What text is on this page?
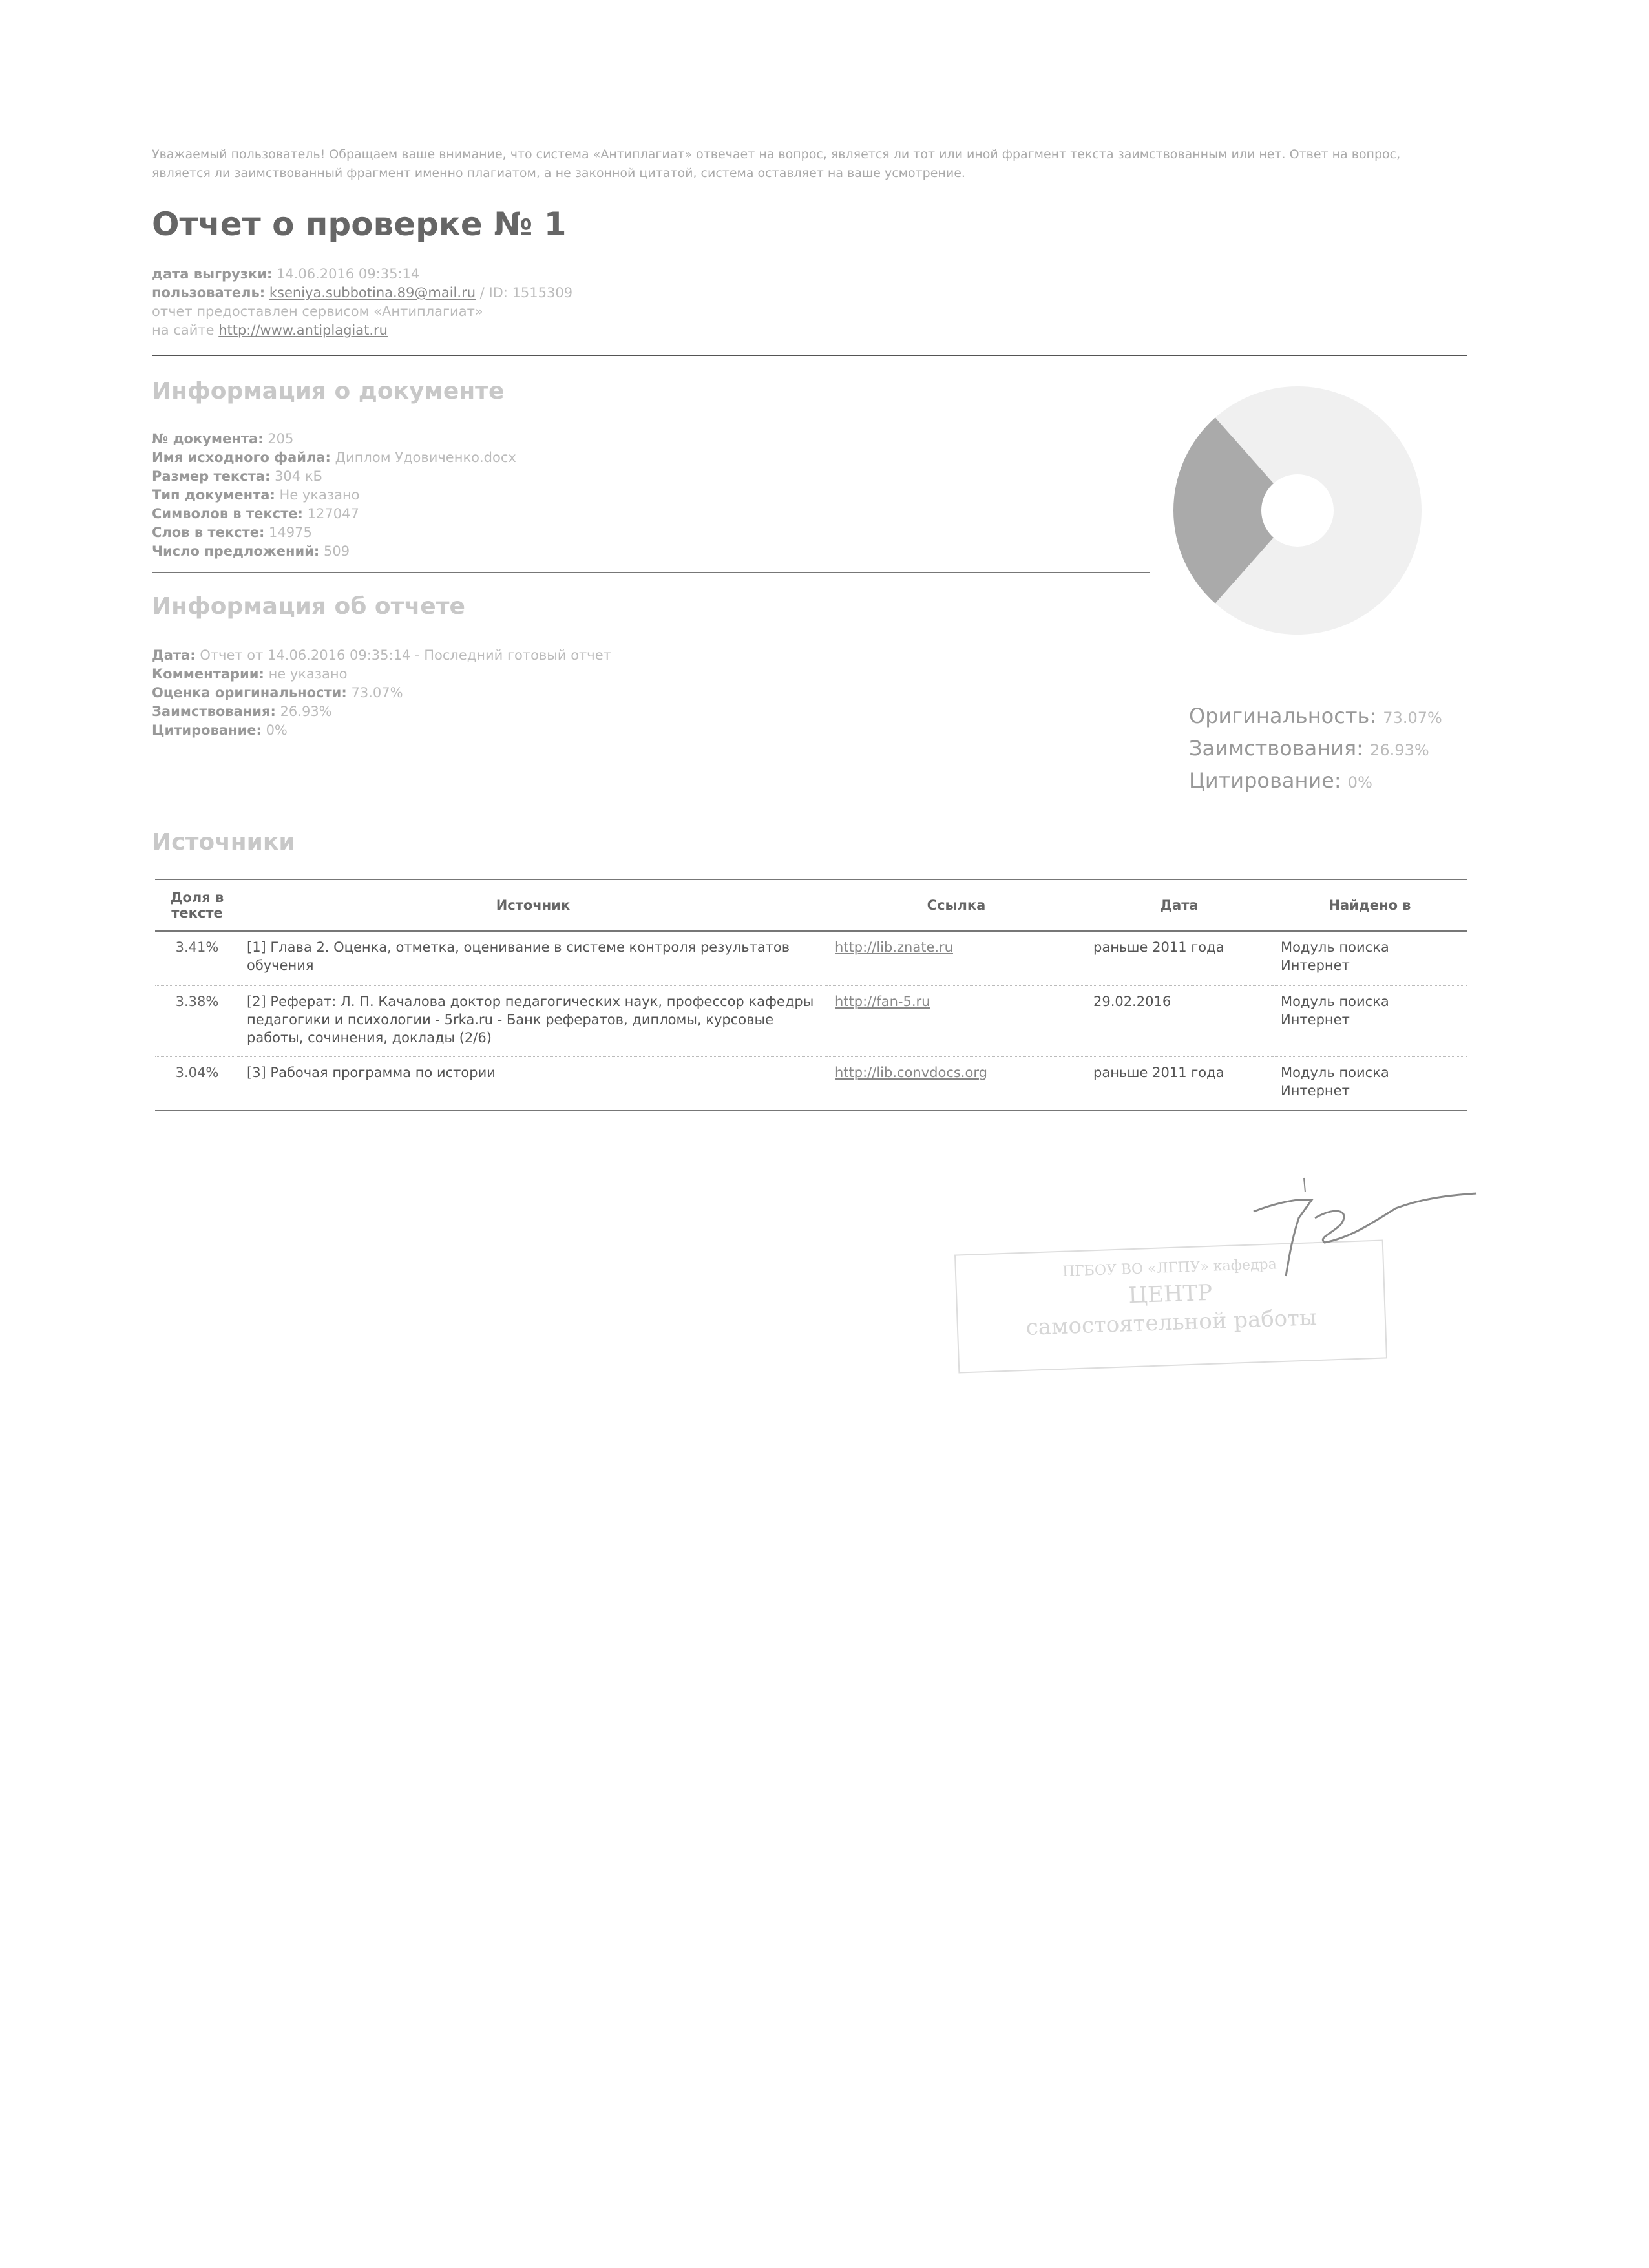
Уважаемый пользователь! Обращаем ваше внимание, что система «Антиплагиат» отвечает на вопрос, является ли тот или иной фрагмент текста заимствованным или нет. Ответ на вопрос, является ли заимствованный фрагмент именно плагиатом, а не законной цитатой, система оставляет на ваше усмотрение.
Отчет о проверке № 1
дата выгрузки: 14.06.2016 09:35:14
пользователь: kseniya.subbotina.89@mail.ru / ID: 1515309
отчет предоставлен сервисом «Антиплагиат»
на сайте http://www.antiplagiat.ru
Информация о документе
№ документа: 205
Имя исходного файла: Диплом Удовиченко.docx
Размер текста: 304 кБ
Тип документа: Не указано
Символов в тексте: 127047
Слов в тексте: 14975
Число предложений: 509
Информация об отчете
Дата: Отчет от 14.06.2016 09:35:14 - Последний готовый отчет
Комментарии: не указано
Оценка оригинальности: 73.07%
Заимствования: 26.93%
Цитирование: 0%
Оригинальность: 73.07%
Заимствования: 26.93%
Цитирование: 0%
Источники
Доля в тексте	Источник	Ссылка	Дата	Найдено в
3.41%	[1] Глава 2. Оценка, отметка, оценивание в системе контроля результатов обучения	http://lib.znate.ru	раньше 2011 года	Модуль поиска Интернет
3.38%	[2] Реферат: Л. П. Качалова доктор педагогических наук, профессор кафедры педагогики и психологии - 5rka.ru - Банк рефератов, дипломы, курсовые работы, сочинения, доклады (2/6)	http://fan-5.ru	29.02.2016	Модуль поиска Интернет
3.04%	[3] Рабочая программа по истории	http://lib.convdocs.org	раньше 2011 года	Модуль поиска Интернет
ПГБОУ ВО «ЛГПУ» кафедра
ЦЕНТР
самостоятельной работы
